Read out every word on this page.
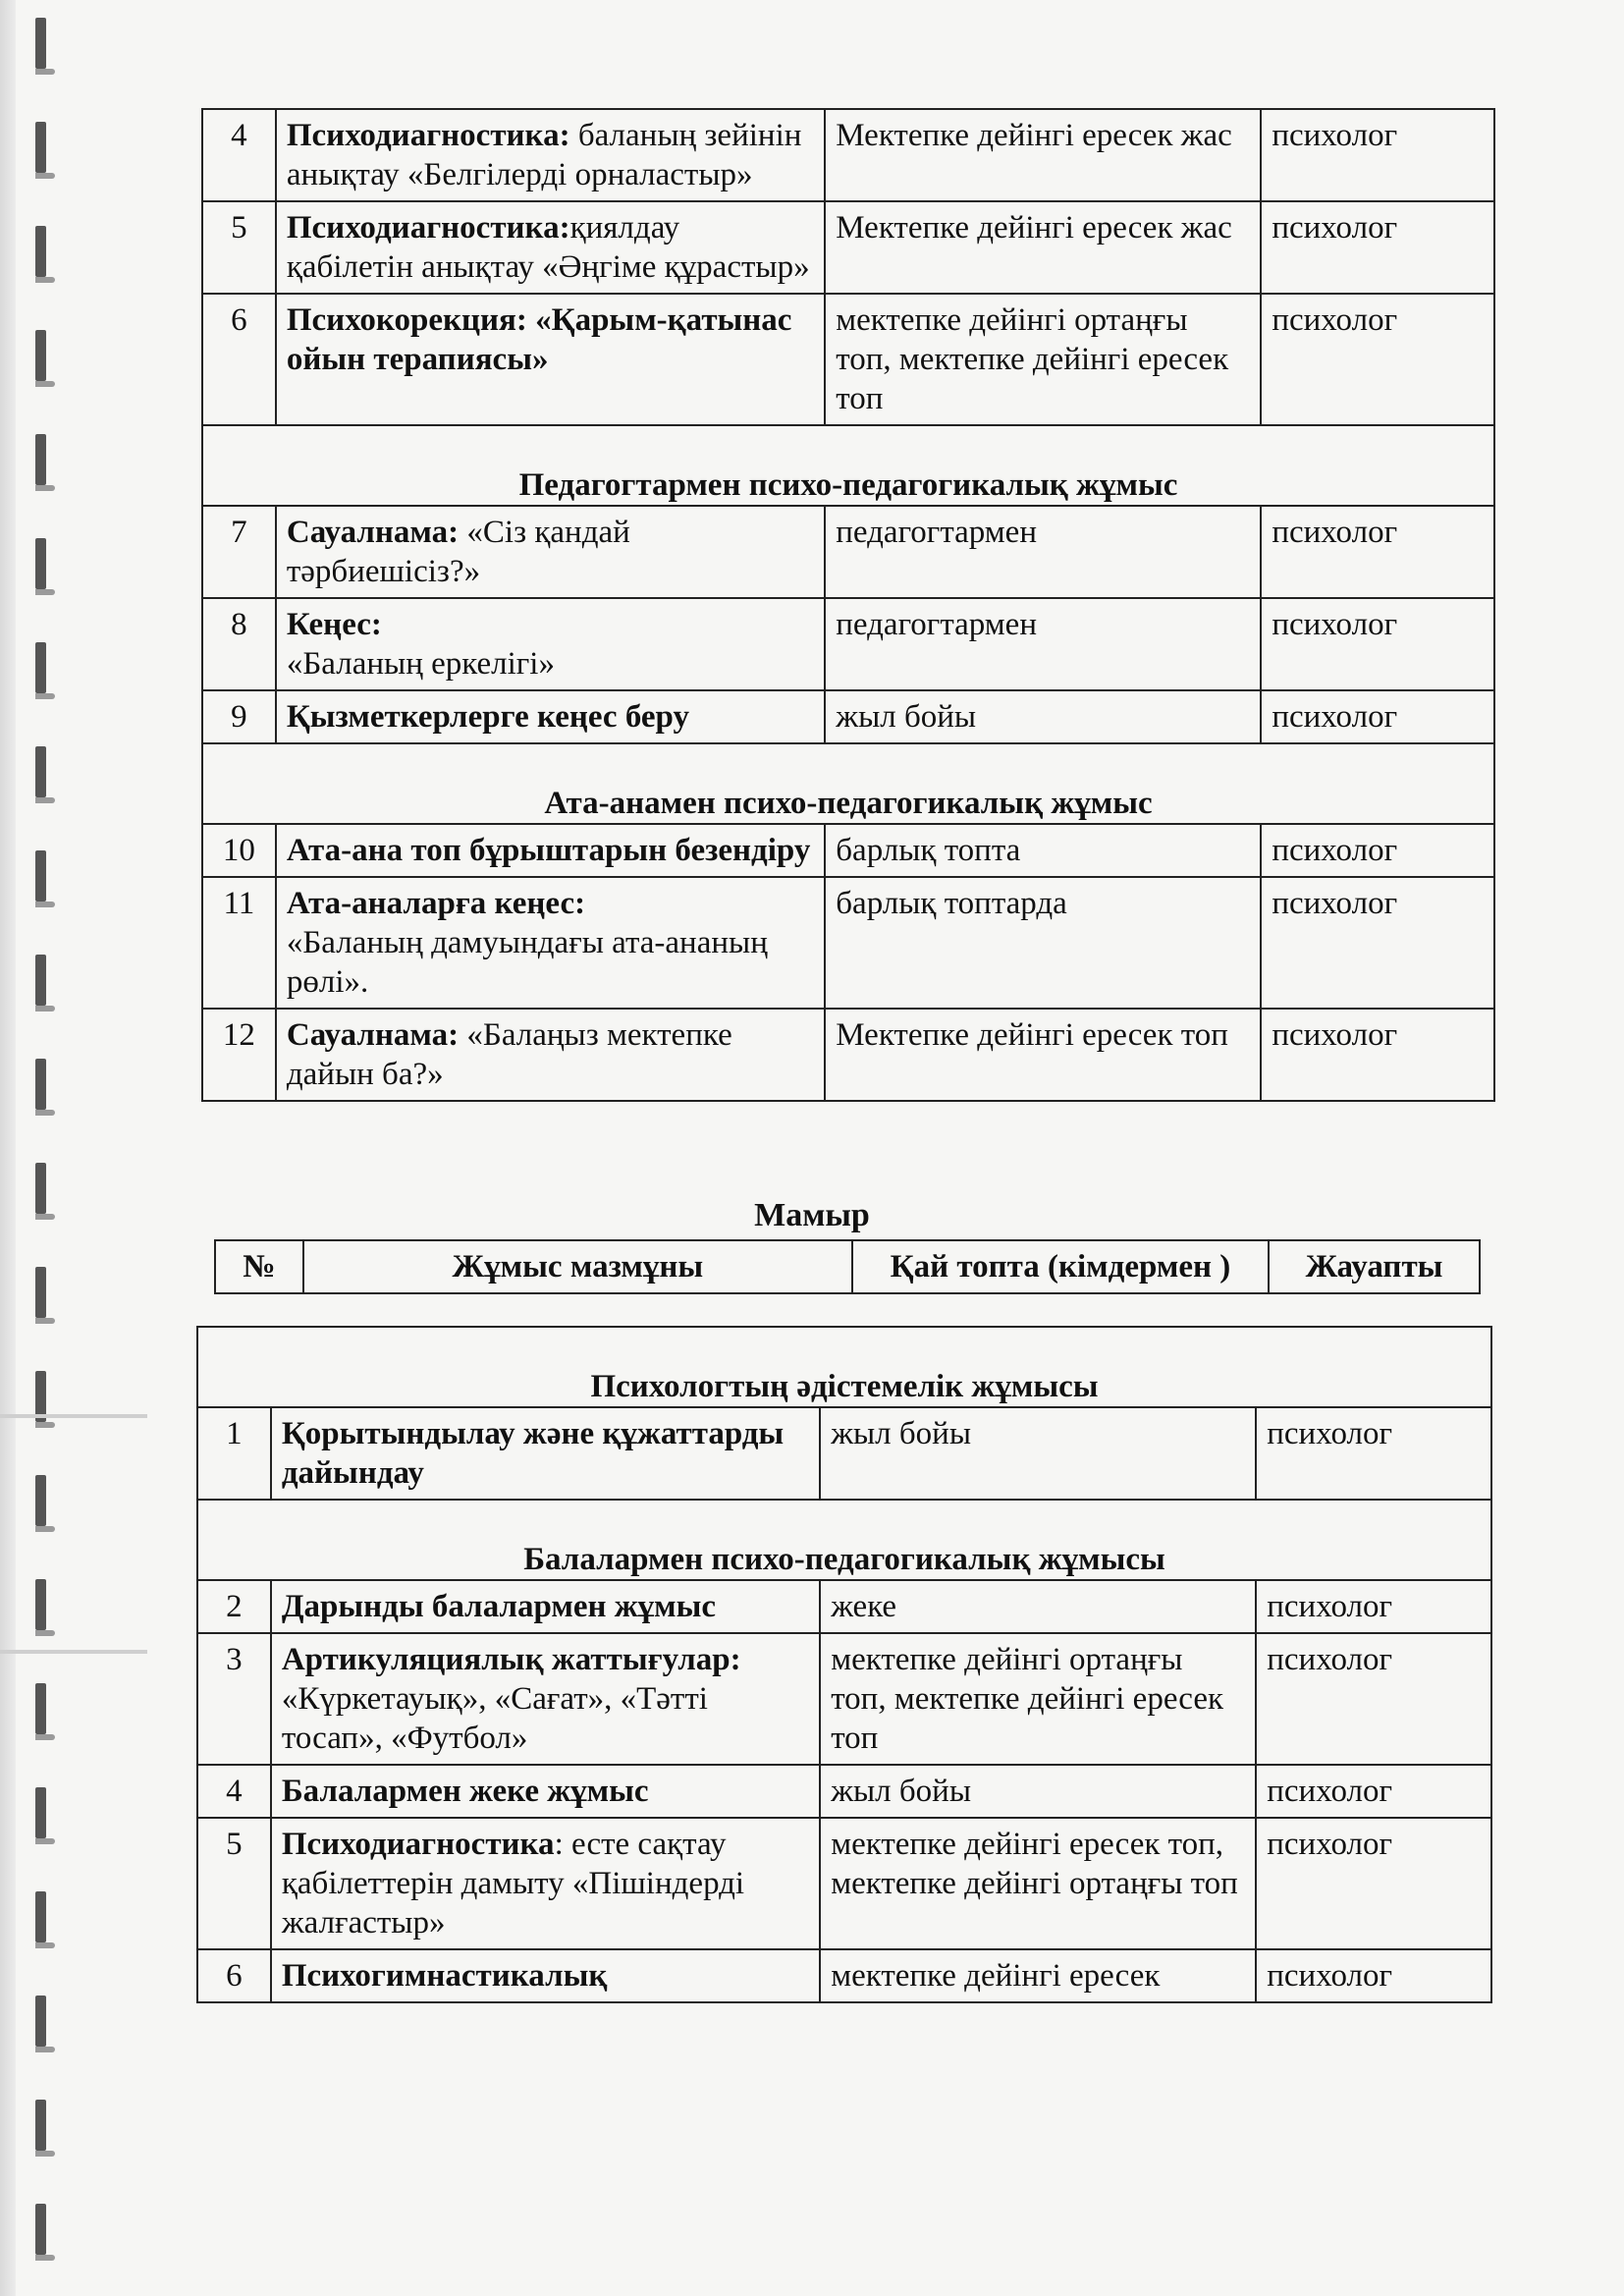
4	Психодиагностика: баланың зейінін анықтау «Белгілерді орналастыр»	Мектепке дейінгі ересек жас	психолог
5	Психодиагностика:қиялдау қабілетін анықтау «Әңгіме құрастыр»	Мектепке дейінгі ересек жас	психолог
6	Психокорекция: «Қарым-қатынас ойын терапиясы»	мектепке дейінгі ортаңғы топ, мектепке дейінгі ересек топ	психолог
Педагогтармен психо-педагогикалық жұмыс			
7	Сауалнама: «Сіз қандай тәрбиешісіз?»	педагогтармен	психолог
8	Кеңес:
«Баланың еркелігі»	педагогтармен	психолог
9	Қызметкерлерге кеңес беру	жыл бойы	психолог
Ата-анамен психо-педагогикалық жұмыс			
10	Ата-ана топ бұрыштарын безендіру	барлық топта	психолог
11	Ата-аналарға кеңес:
«Баланың дамуындағы ата-ананың рөлі».	барлық топтарда	психолог
12	Сауалнама: «Балаңыз мектепке дайын ба?»	Мектепке дейінгі ересек топ	психолог
Мамыр
№	Жұмыс мазмұны	Қай топта (кімдермен )	Жауапты
Психологтың әдістемелік жұмысы			
1	Қорытындылау және құжаттарды дайындау	жыл бойы	психолог
Балалармен психо-педагогикалық жұмысы			
2	Дарынды балалармен жұмыс	жеке	психолог
3	Артикуляциялық жаттығулар:
«Күркетауық», «Сағат», «Тәтті тосап», «Футбол»	мектепке дейінгі ортаңғы топ, мектепке дейінгі ересек топ	психолог
4	Балалармен жеке жұмыс	жыл бойы	психолог
5	Психодиагностика: есте сақтау қабілеттерін дамыту «Пішіндерді жалғастыр»	мектепке дейінгі ересек топ, мектепке дейінгі ортаңғы топ	психолог
6	Психогимнастикалық	мектепке дейінгі ересек	психолог
